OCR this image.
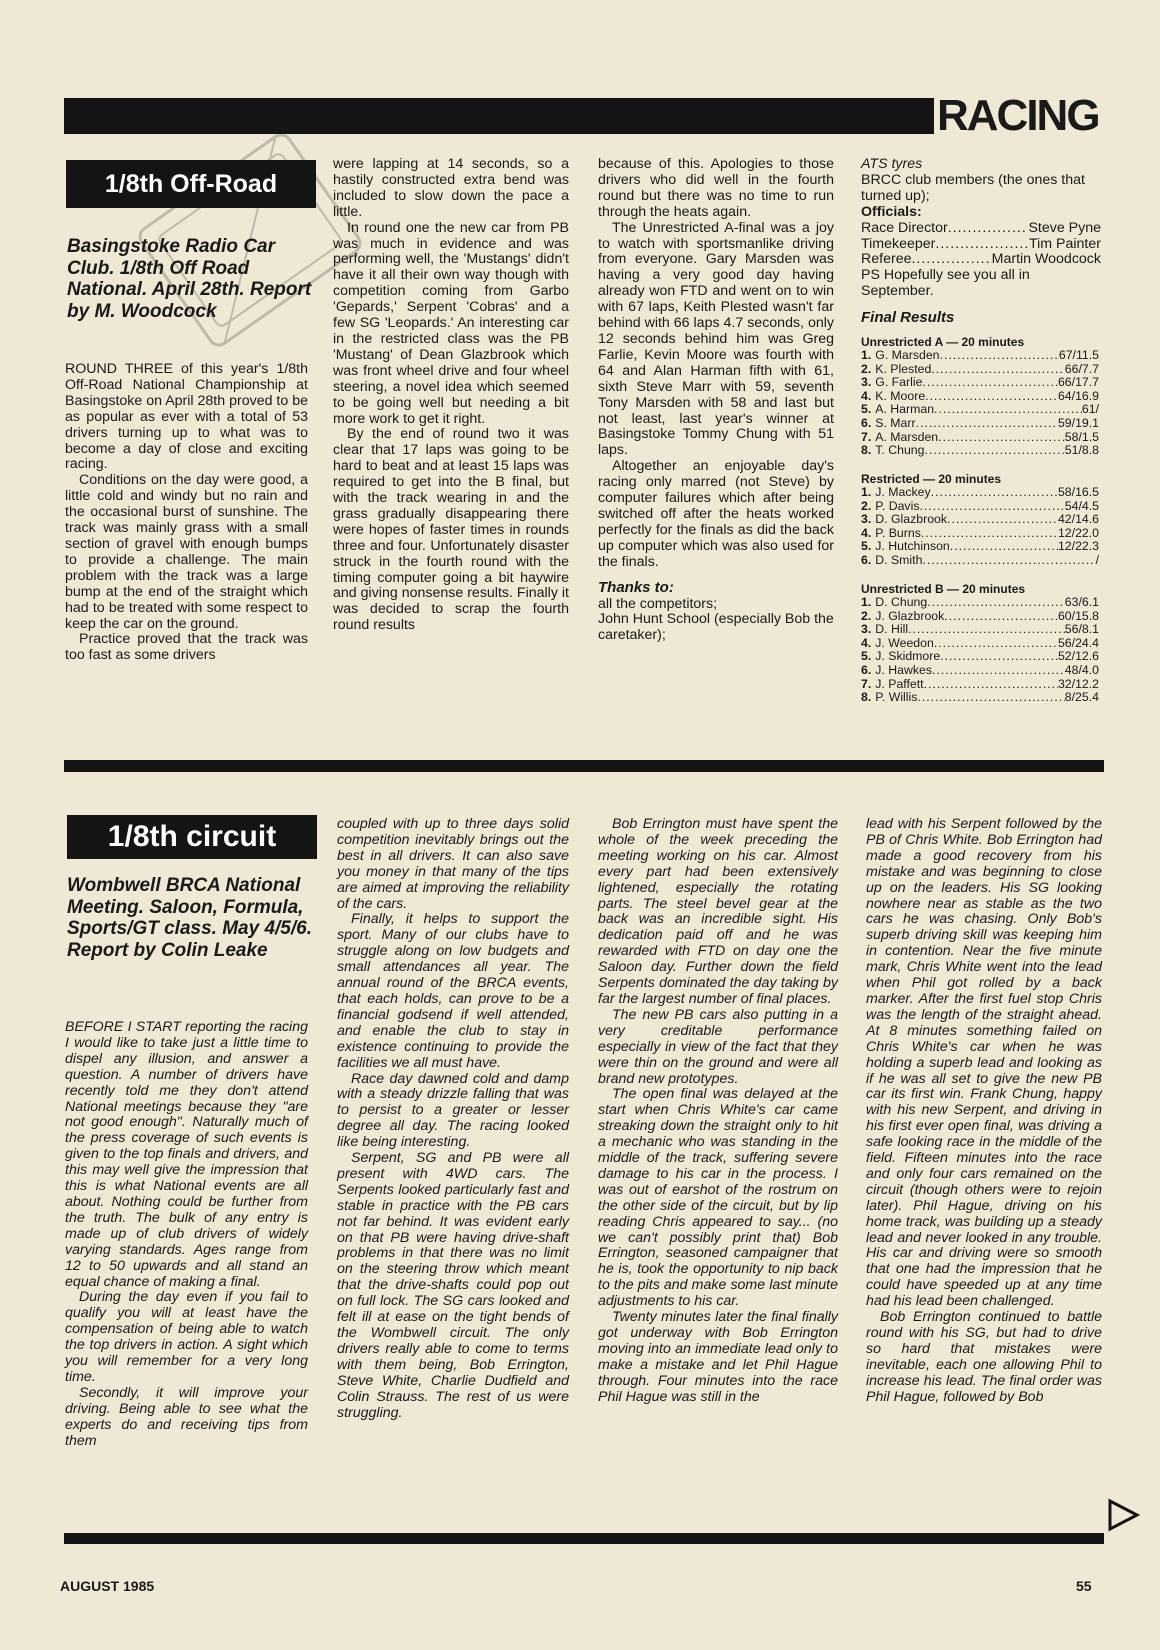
RACING
1/8th Off-Road
Basingstoke Radio Car Club. 1/8th Off Road National. April 28th. Report by M. Woodcock

ROUND THREE of this year's 1/8th Off-Road National Championship at Basingstoke on April 28th proved to be as popular as ever with a total of 53 drivers turning up to what was to become a day of close and exciting racing.

Conditions on the day were good, a little cold and windy but no rain and the occasional burst of sunshine. The track was mainly grass with a small section of gravel with enough bumps to provide a challenge. The main problem with the track was a large bump at the end of the straight which had to be treated with some respect to keep the car on the ground.

Practice proved that the track was too fast as some drivers

were lapping at 14 seconds, so a hastily constructed extra bend was included to slow down the pace a little.

In round one the new car from PB was much in evidence and was performing well, the 'Mustangs' didn't have it all their own way though with competition coming from Garbo 'Gepards,' Serpent 'Cobras' and a few SG 'Leopards.' An interesting car in the restricted class was the PB 'Mustang' of Dean Glazbrook which was front wheel drive and four wheel steering, a novel idea which seemed to be going well but needing a bit more work to get it right.

By the end of round two it was clear that 17 laps was going to be hard to beat and at least 15 laps was required to get into the B final, but with the track wearing in and the grass gradually disappearing there were hopes of faster times in rounds three and four. Unfortunately disaster struck in the fourth round with the timing computer going a bit haywire and giving nonsense results. Finally it was decided to scrap the fourth round results

because of this. Apologies to those drivers who did well in the fourth round but there was no time to run through the heats again.

The Unrestricted A-final was a joy to watch with sportsmanlike driving from everyone. Gary Marsden was having a very good day having already won FTD and went on to win with 67 laps, Keith Plested wasn't far behind with 66 laps 4.7 seconds, only 12 seconds behind him was Greg Farlie, Kevin Moore was fourth with 64 and Alan Harman fifth with 61, sixth Steve Marr with 59, seventh Tony Marsden with 58 and last but not least, last year's winner at Basingstoke Tommy Chung with 51 laps.

Altogether an enjoyable day's racing only marred (not Steve) by computer failures which after being switched off after the heats worked perfectly for the finals as did the back up computer which was also used for the finals.

Thanks to:
all the competitors;
John Hunt School (especially Bob the caretaker);
ATS tyres
BRCC club members (the ones that turned up);
Officials:
Race Director .....	Steve Pyne
Timekeeper .....	Tim Painter
Referee .....	Martin Woodcock
PS Hopefully see you all in September.
Final Results
Unrestricted A — 20 minutes
1. G. Marsden .....	67/11.5
2. K. Plested .....	66/7.7
3. G. Farlie .....	66/17.7
4. K. Moore .....	64/16.9
5. A. Harman .....	61/
6. S. Marr .....	59/19.1
7. A. Marsden .....	58/1.5
8. T. Chung .....	51/8.8
Restricted — 20 minutes
1. J. Mackey .....	58/16.5
2. P. Davis .....	54/4.5
3. D. Glazbrook .....	42/14.6
4. P. Burns .....	12/22.0
5. J. Hutchinson .....	12/22.3
6. D. Smith .....	/
Unrestricted B — 20 minutes
1. D. Chung .....	63/6.1
2. J. Glazbrook .....	60/15.8
3. D. Hill .....	56/8.1
4. J. Weedon .....	56/24.4
5. J. Skidmore .....	52/12.6
6. J. Hawkes .....	48/4.0
7. J. Paffett .....	32/12.2
8. P. Willis .....	8/25.4
1/8th circuit
Wombwell BRCA National Meeting. Saloon, Formula, Sports/GT class. May 4/5/6. Report by Colin Leake

BEFORE I START reporting the racing I would like to take just a little time to dispel any illusion, and answer a question. A number of drivers have recently told me they don't attend National meetings because they "are not good enough". Naturally much of the press coverage of such events is given to the top finals and drivers, and this may well give the impression that this is what National events are all about. Nothing could be further from the truth. The bulk of any entry is made up of club drivers of widely varying standards. Ages range from 12 to 50 upwards and all stand an equal chance of making a final.

During the day even if you fail to qualify you will at least have the compensation of being able to watch the top drivers in action. A sight which you will remember for a very long time.

Secondly, it will improve your driving. Being able to see what the experts do and receiving tips from them

coupled with up to three days solid competition inevitably brings out the best in all drivers. It can also save you money in that many of the tips are aimed at improving the reliability of the cars.

Finally, it helps to support the sport. Many of our clubs have to struggle along on low budgets and small attendances all year. The annual round of the BRCA events, that each holds, can prove to be a financial godsend if well attended, and enable the club to stay in existence continuing to provide the facilities we all must have.

Race day dawned cold and damp with a steady drizzle falling that was to persist to a greater or lesser degree all day. The racing looked like being interesting.

Serpent, SG and PB were all present with 4WD cars. The Serpents looked particularly fast and stable in practice with the PB cars not far behind. It was evident early on that PB were having drive-shaft problems in that there was no limit on the steering throw which meant that the drive-shafts could pop out on full lock. The SG cars looked and felt ill at ease on the tight bends of the Wombwell circuit. The only drivers really able to come to terms with them being, Bob Errington, Steve White, Charlie Dudfield and Colin Strauss. The rest of us were struggling.

Bob Errington must have spent the whole of the week preceding the meeting working on his car. Almost every part had been extensively lightened, especially the rotating parts. The steel bevel gear at the back was an incredible sight. His dedication paid off and he was rewarded with FTD on day one the Saloon day. Further down the field Serpents dominated the day taking by far the largest number of final places.

The new PB cars also putting in a very creditable performance especially in view of the fact that they were thin on the ground and were all brand new prototypes.

The open final was delayed at the start when Chris White's car came streaking down the straight only to hit a mechanic who was standing in the middle of the track, suffering severe damage to his car in the process. I was out of earshot of the rostrum on the other side of the circuit, but by lip reading Chris appeared to say... (no we can't possibly print that) Bob Errington, seasoned campaigner that he is, took the opportunity to nip back to the pits and make some last minute adjustments to his car.

Twenty minutes later the final finally got underway with Bob Errington moving into an immediate lead only to make a mistake and let Phil Hague through. Four minutes into the race Phil Hague was still in the

lead with his Serpent followed by the PB of Chris White. Bob Errington had made a good recovery from his mistake and was beginning to close up on the leaders. His SG looking nowhere near as stable as the two cars he was chasing. Only Bob's superb driving skill was keeping him in contention. Near the five minute mark, Chris White went into the lead when Phil got rolled by a back marker. After the first fuel stop Chris was the length of the straight ahead. At 8 minutes something failed on Chris White's car when he was holding a superb lead and looking as if he was all set to give the new PB car its first win. Frank Chung, happy with his new Serpent, and driving in his first ever open final, was driving a safe looking race in the middle of the field. Fifteen minutes into the race and only four cars remained on the circuit (though others were to rejoin later). Phil Hague, driving on his home track, was building up a steady lead and never looked in any trouble. His car and driving were so smooth that one had the impression that he could have speeded up at any time had his lead been challenged.

Bob Errington continued to battle round with his SG, but had to drive so hard that mistakes were inevitable, each one allowing Phil to increase his lead. The final order was Phil Hague, followed by Bob

AUGUST 1985	55
